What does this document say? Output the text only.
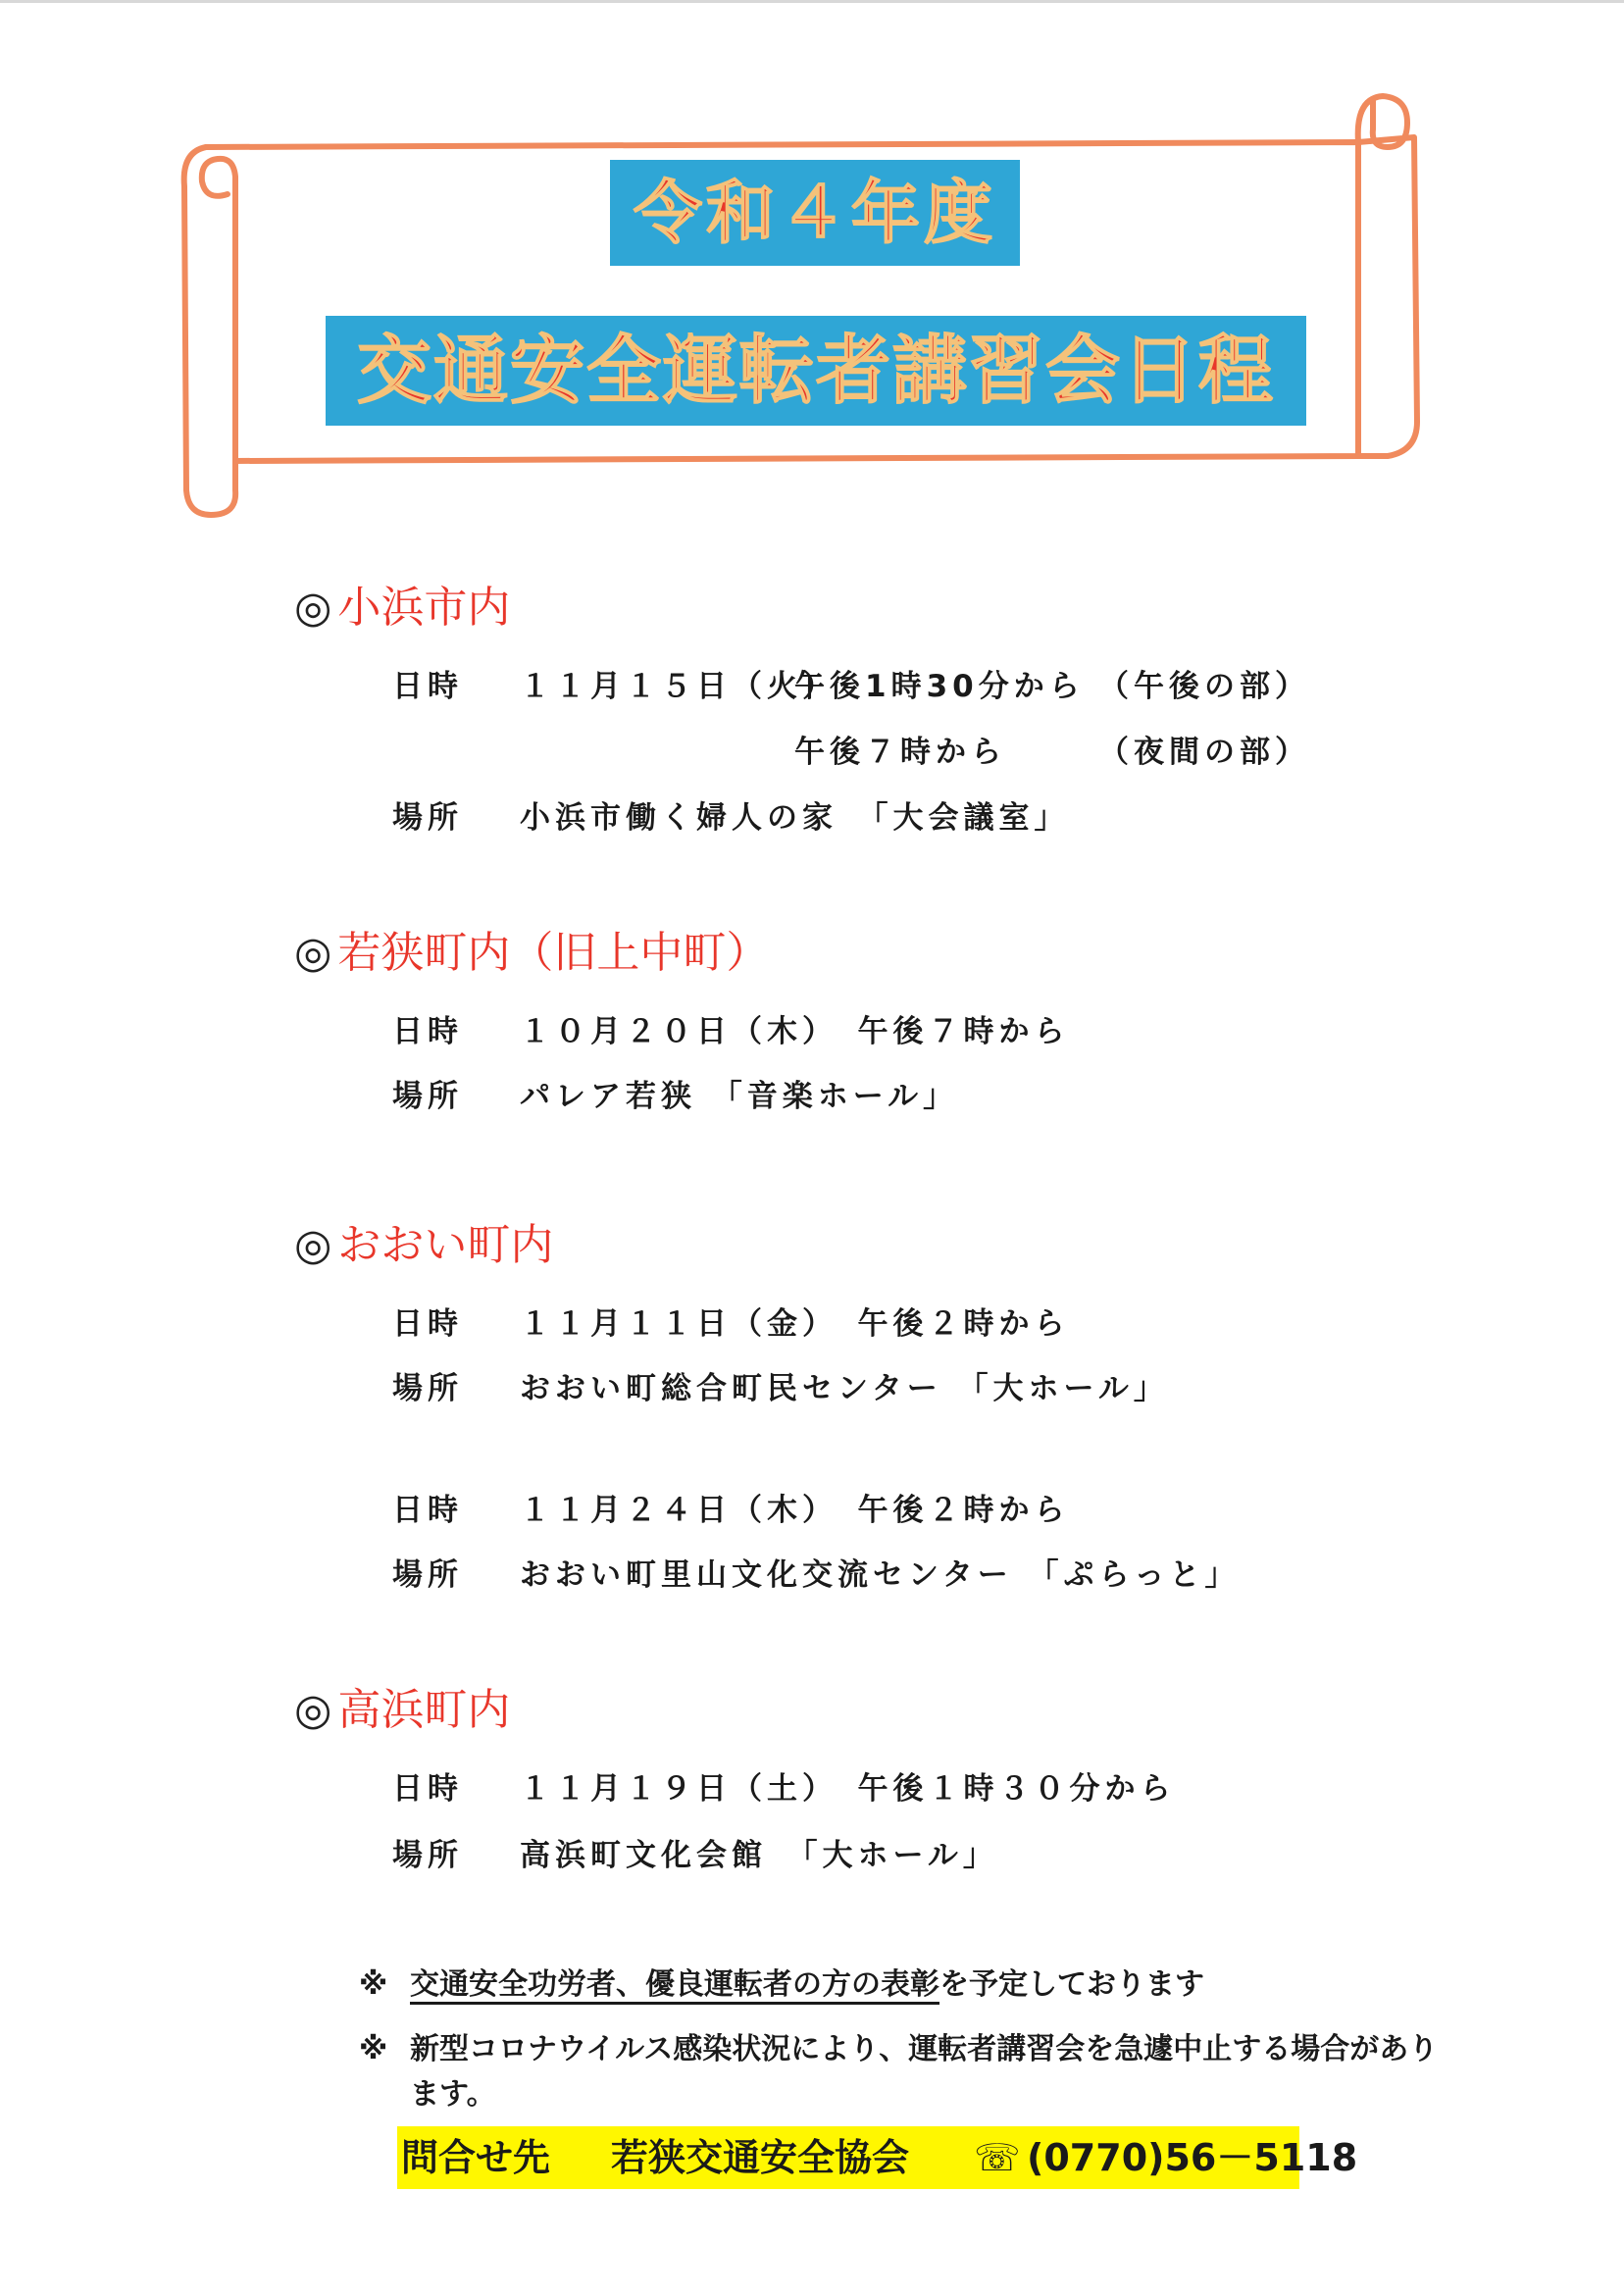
令和４年度
交通安全運転者講習会日程
◎ 小浜市内
日時 １１月１５日（火）
午後1時30分から （午後の部）
午後７時から	（夜間の部）
場所 小浜市働く婦人の家　「大会議室」
◎ 若狭町内（旧上中町）
日時 １０月２０日（木）　午後７時から
場所 パレア若狭 「音楽ホール」
◎ おおい町内
日時 １１月１１日（金）　午後２時から
場所 おおい町総合町民センター 「大ホール」
日時 １１月２４日（木）　午後２時から
場所 おおい町里山文化交流センター 「ぷらっと」
◎ 高浜町内
日時 １１月１９日（土）　午後１時３０分から
場所 高浜町文化会館　「大ホール」
※ 交通安全功労者、優良運転者の方の表彰を予定しております
※ 新型コロナウイルス感染状況により、運転者講習会を急遽中止する場合があり
ます。
問合せ先 若狭交通安全協会 ☏ (0770)56－5118
